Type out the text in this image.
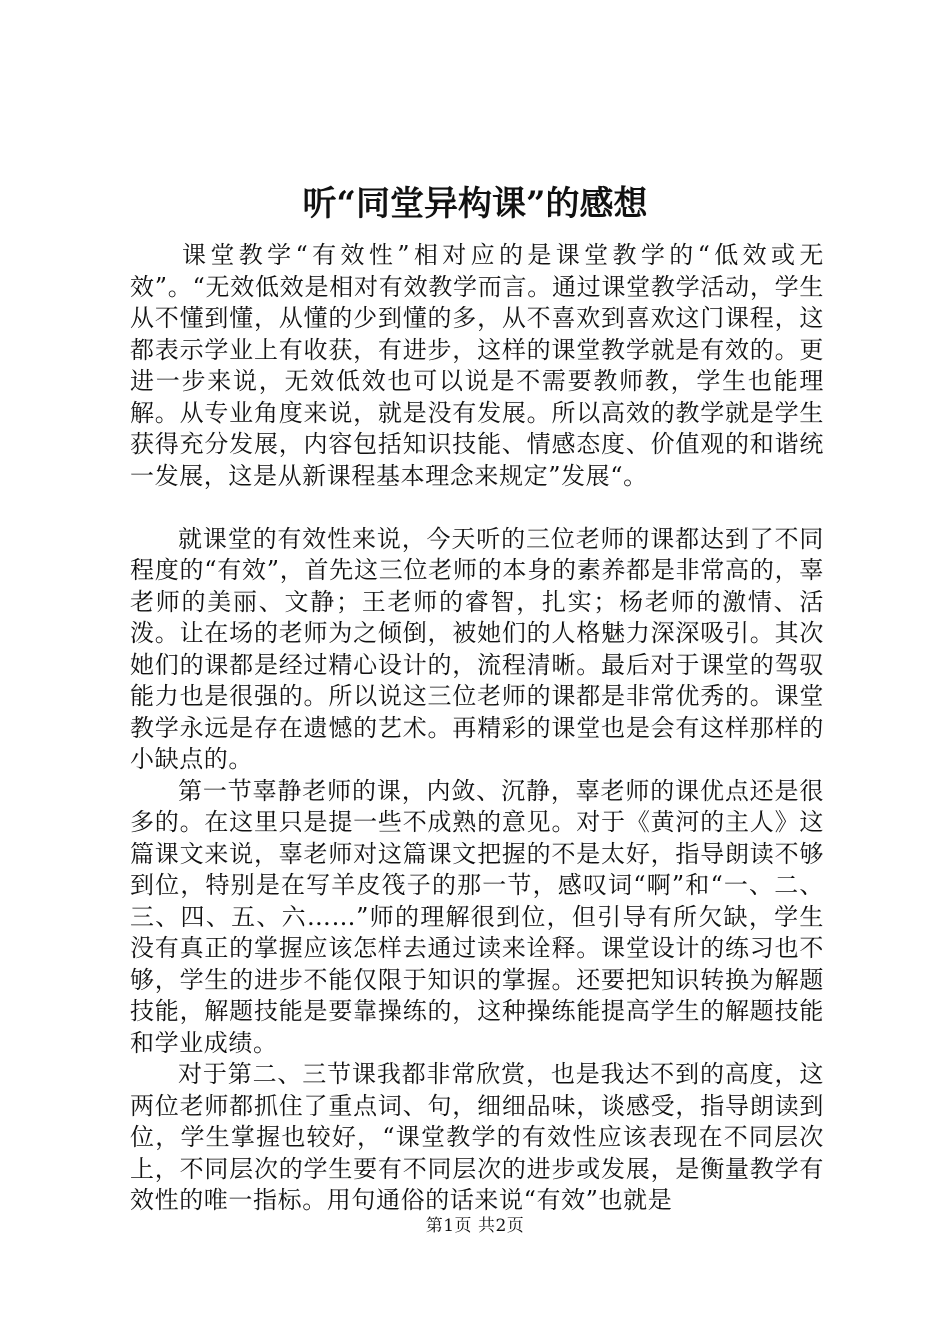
听“同堂异构课”的感想

课堂教学“有效性”相对应的是课堂教学的“低效或无效”。“无效低效是相对有效教学而言。通过课堂教学活动，学生从不懂到懂，从懂的少到懂的多，从不喜欢到喜欢这门课程，这都表示学业上有收获，有进步，这样的课堂教学就是有效的。更进一步来说，无效低效也可以说是不需要教师教，学生也能理解。从专业角度来说，就是没有发展。所以高效的教学就是学生获得充分发展，内容包括知识技能、情感态度、价值观的和谐统一发展，这是从新课程基本理念来规定”发展“。

就课堂的有效性来说，今天听的三位老师的课都达到了不同程度的“有效”，首先这三位老师的本身的素养都是非常高的，辜老师的美丽、文静；王老师的睿智，扎实；杨老师的激情、活泼。让在场的老师为之倾倒，被她们的人格魅力深深吸引。其次她们的课都是经过精心设计的，流程清晰。最后对于课堂的驾驭能力也是很强的。所以说这三位老师的课都是非常优秀的。课堂教学永远是存在遗憾的艺术。再精彩的课堂也是会有这样那样的小缺点的。

第一节辜静老师的课，内敛、沉静，辜老师的课优点还是很多的。在这里只是提一些不成熟的意见。对于《黄河的主人》这篇课文来说，辜老师对这篇课文把握的不是太好，指导朗读不够到位，特别是在写羊皮筏子的那一节，感叹词“啊”和“一、二、三、四、五、六……”师的理解很到位，但引导有所欠缺，学生没有真正的掌握应该怎样去通过读来诠释。课堂设计的练习也不够，学生的进步不能仅限于知识的掌握。还要把知识转换为解题技能，解题技能是要靠操练的，这种操练能提高学生的解题技能和学业成绩。

对于第二、三节课我都非常欣赏，也是我达不到的高度，这两位老师都抓住了重点词、句，细细品味，谈感受，指导朗读到位，学生掌握也较好，“课堂教学的有效性应该表现在不同层次上，不同层次的学生要有不同层次的进步或发展，是衡量教学有效性的唯一指标。用句通俗的话来说“有效”也就是

第1页 共2页
